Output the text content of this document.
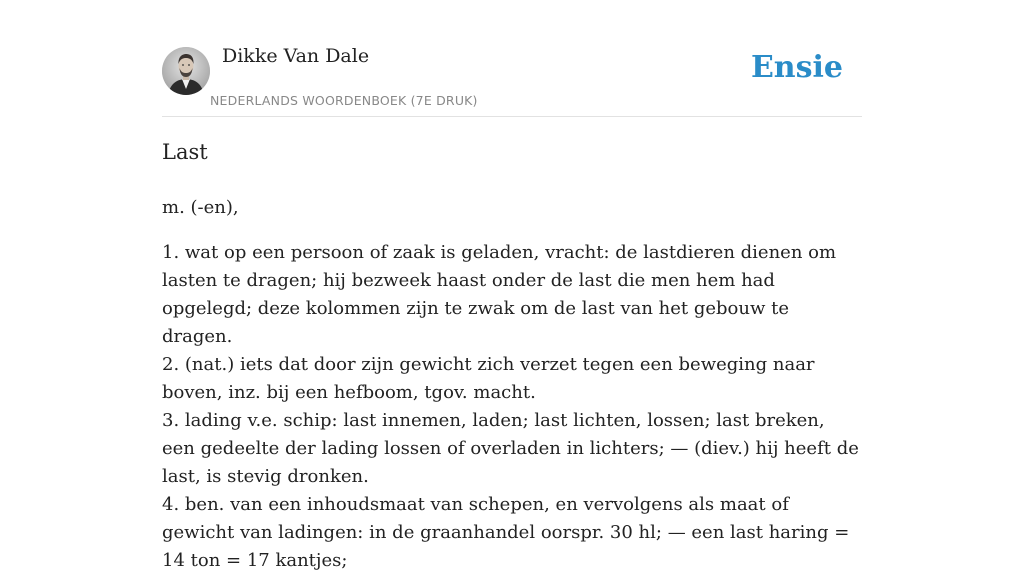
Dikke Van Dale
NEDERLANDS WOORDENBOEK (7E DRUK)
Ensie
Last

m. (-en),

1. wat op een persoon of zaak is geladen, vracht: de lastdieren dienen om lasten te dragen; hij bezweek haast onder de last die men hem had opgelegd; deze kolommen zijn te zwak om de last van het gebouw te dragen.

2. (nat.) iets dat door zijn gewicht zich verzet tegen een beweging naar boven, inz. bij een hefboom, tgov. macht.

3. lading v.e. schip: last innemen, laden; last lichten, lossen; last breken, een gedeelte der lading lossen of overladen in lichters; — (diev.) hij heeft de last, is stevig dronken.

4. ben. van een inhoudsmaat van schepen, en vervolgens als maat of gewicht van ladingen: in de graanhandel oorspr. 30 hl; — een last haring = 14 ton = 17 kantjes;
